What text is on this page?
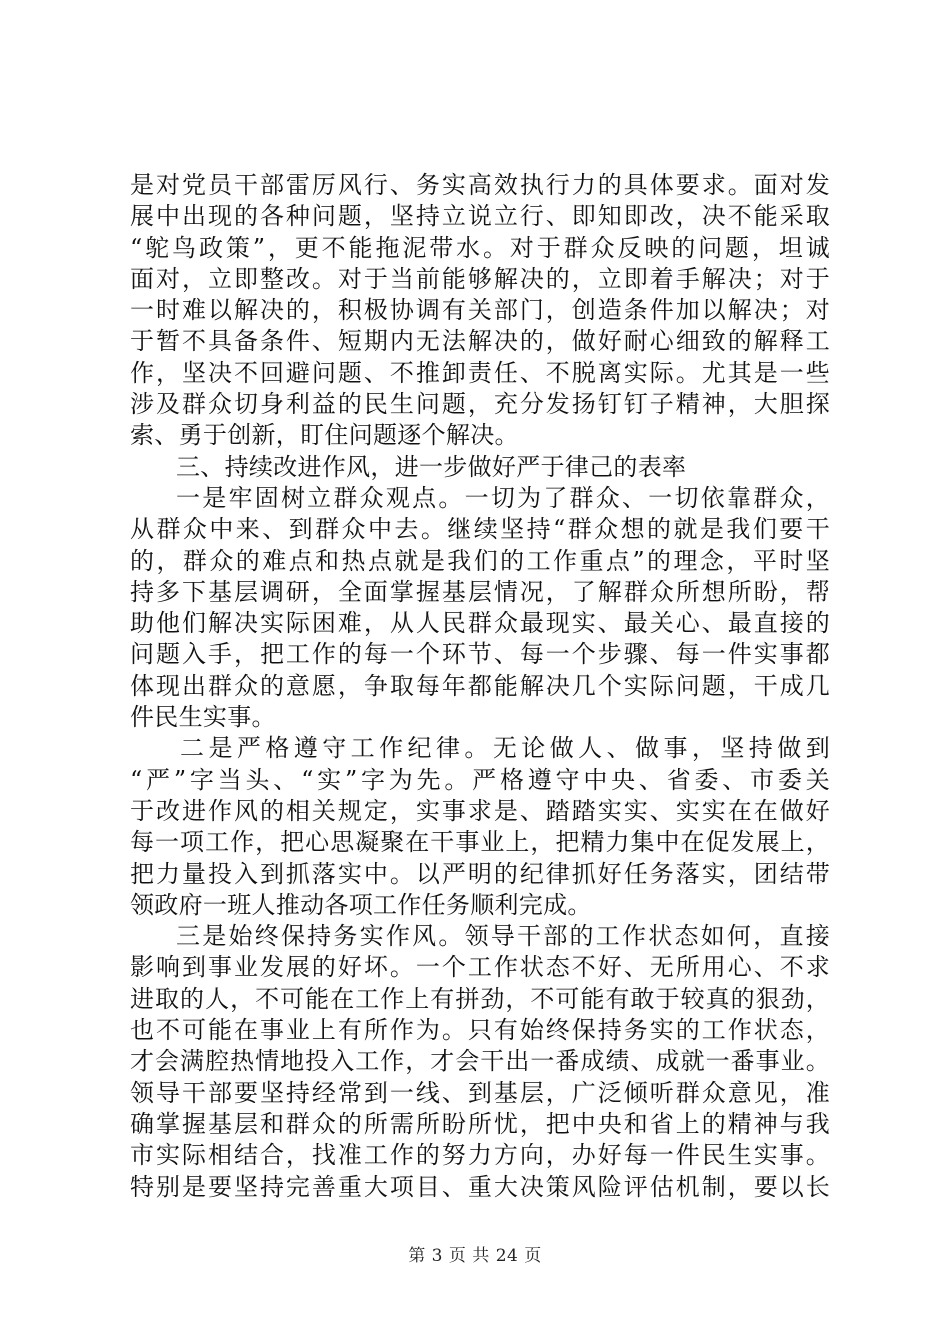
是对党员干部雷厉风行、务实高效执行力的具体要求。面对发
展中出现的各种问题，坚持立说立行、即知即改，决不能采取
“鸵鸟政策”，更不能拖泥带水。对于群众反映的问题，坦诚
面对，立即整改。对于当前能够解决的，立即着手解决；对于
一时难以解决的，积极协调有关部门，创造条件加以解决；对
于暂不具备条件、短期内无法解决的，做好耐心细致的解释工
作，坚决不回避问题、不推卸责任、不脱离实际。尤其是一些
涉及群众切身利益的民生问题，充分发扬钉钉子精神，大胆探
索、勇于创新，盯住问题逐个解决。
三、持续改进作风，进一步做好严于律己的表率
一是牢固树立群众观点。一切为了群众、一切依靠群众，
从群众中来、到群众中去。继续坚持“群众想的就是我们要干
的，群众的难点和热点就是我们的工作重点”的理念，平时坚
持多下基层调研，全面掌握基层情况，了解群众所想所盼，帮
助他们解决实际困难，从人民群众最现实、最关心、最直接的
问题入手，把工作的每一个环节、每一个步骤、每一件实事都
体现出群众的意愿，争取每年都能解决几个实际问题，干成几
件民生实事。
二是严格遵守工作纪律。无论做人、做事，坚持做到
“严”字当头、“实”字为先。严格遵守中央、省委、市委关
于改进作风的相关规定，实事求是、踏踏实实、实实在在做好
每一项工作，把心思凝聚在干事业上，把精力集中在促发展上，
把力量投入到抓落实中。以严明的纪律抓好任务落实，团结带
领政府一班人推动各项工作任务顺利完成。
三是始终保持务实作风。领导干部的工作状态如何，直接
影响到事业发展的好坏。一个工作状态不好、无所用心、不求
进取的人，不可能在工作上有拼劲，不可能有敢于较真的狠劲，
也不可能在事业上有所作为。只有始终保持务实的工作状态，
才会满腔热情地投入工作，才会干出一番成绩、成就一番事业。
领导干部要坚持经常到一线、到基层，广泛倾听群众意见，准
确掌握基层和群众的所需所盼所忧，把中央和省上的精神与我
市实际相结合，找准工作的努力方向，办好每一件民生实事。
特别是要坚持完善重大项目、重大决策风险评估机制，要以长
第 3 页 共 24 页
